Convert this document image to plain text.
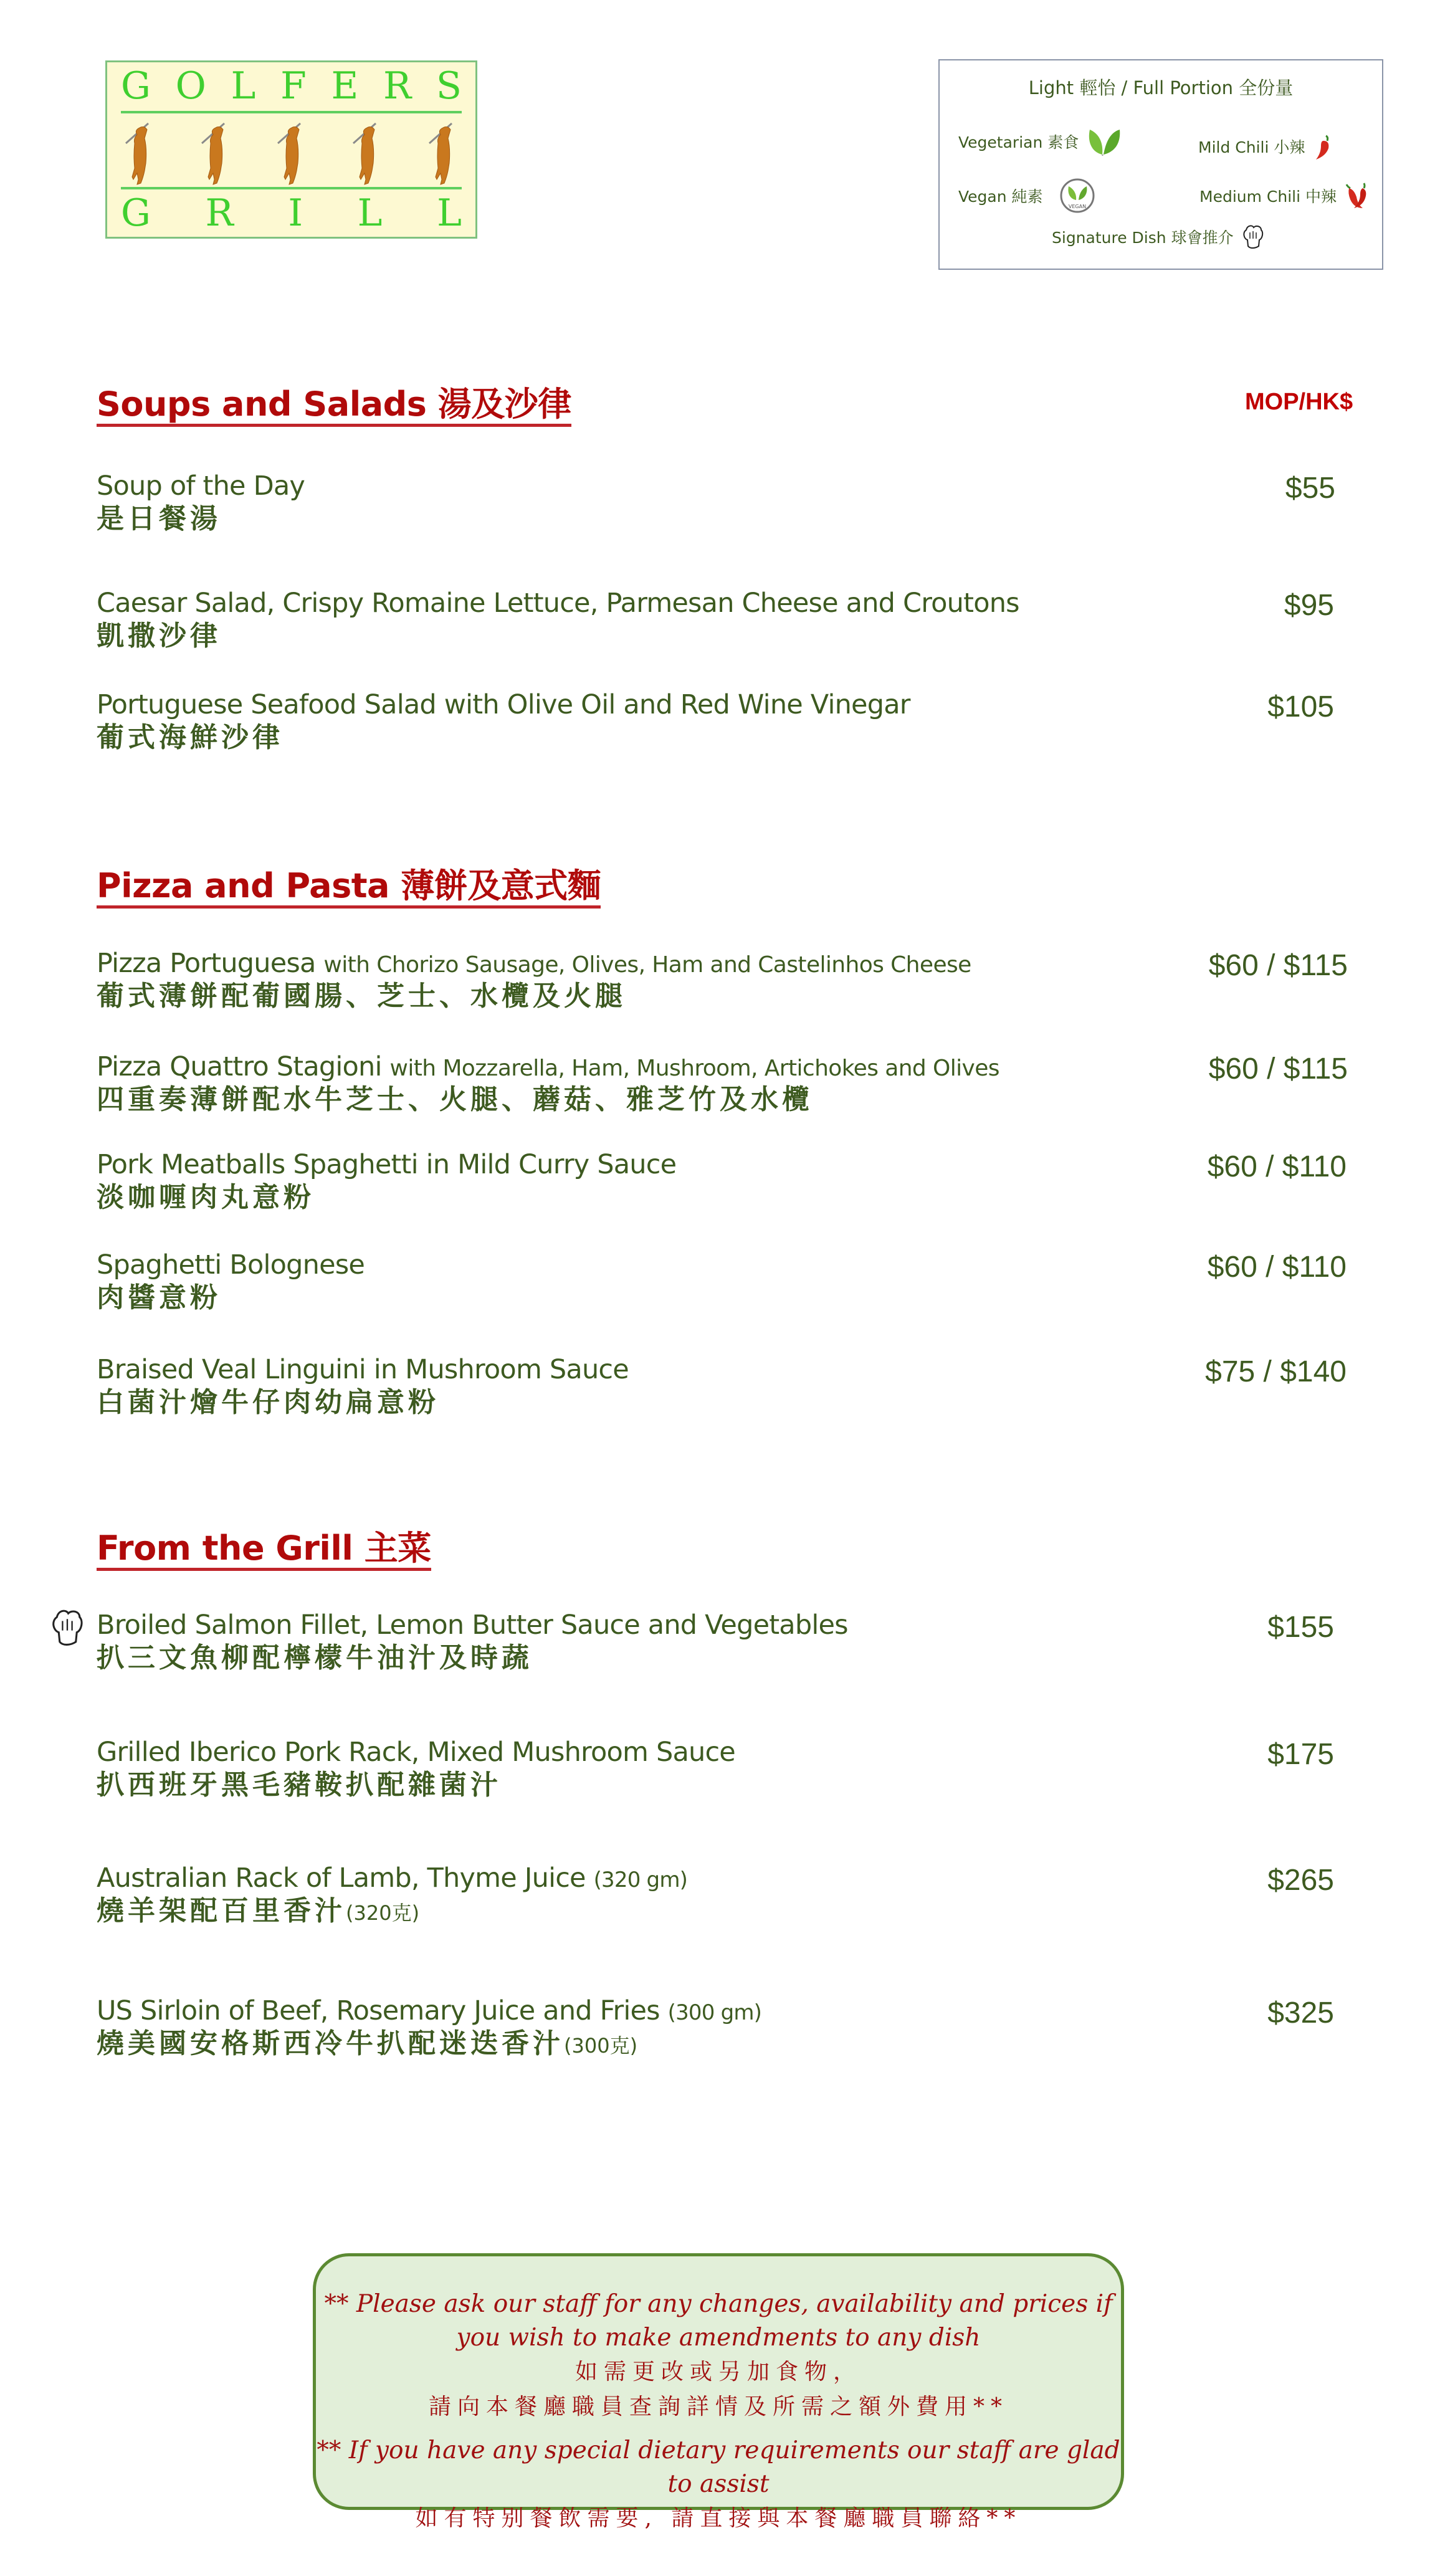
G O L F E R S
G R I L L
Light 輕怡 / Full Portion 全份量
Vegetarian 素食
Vegan 純素
VEGAN
Mild Chili 小辣
Medium Chili 中辣
Signature Dish 球會推介
MOP/HK$
Soups and Salads 湯及沙律
Soup of the Day
是日餐湯
$55
Caesar Salad, Crispy Romaine Lettuce, Parmesan Cheese and Croutons
凱撒沙律
$95
Portuguese Seafood Salad with Olive Oil and Red Wine Vinegar
葡式海鮮沙律
$105
Pizza and Pasta 薄餅及意式麵
Pizza Portuguesa with Chorizo Sausage, Olives, Ham and Castelinhos Cheese
葡式薄餅配葡國腸、芝士、水欖及火腿
$60 / $115
Pizza Quattro Stagioni with Mozzarella, Ham, Mushroom, Artichokes and Olives
四重奏薄餅配水牛芝士、火腿、蘑菇、雅芝竹及水欖
$60 / $115
Pork Meatballs Spaghetti in Mild Curry Sauce
淡咖喱肉丸意粉
$60 / $110
Spaghetti Bolognese
肉醬意粉
$60 / $110
Braised Veal Linguini in Mushroom Sauce
白菌汁燴牛仔肉幼扁意粉
$75 / $140
From the Grill 主菜
Broiled Salmon Fillet, Lemon Butter Sauce and Vegetables
扒三文魚柳配檸檬牛油汁及時蔬
$155
Grilled Iberico Pork Rack, Mixed Mushroom Sauce
扒西班牙黑毛豬鞍扒配雜菌汁
$175
Australian Rack of Lamb, Thyme Juice (320 gm)
燒羊架配百里香汁(320克)
$265
US Sirloin of Beef, Rosemary Juice and Fries (300 gm)
燒美國安格斯西冷牛扒配迷迭香汁(300克)
$325

** Please ask our staff for any changes, availability and prices if

you wish to make amendments to any dish

如需更改或另加食物，

請向本餐廳職員查詢詳情及所需之額外費用**

** If you have any special dietary requirements our staff are glad to assist

如有特别餐飲需要, 請直接與本餐廳職員聯絡**
